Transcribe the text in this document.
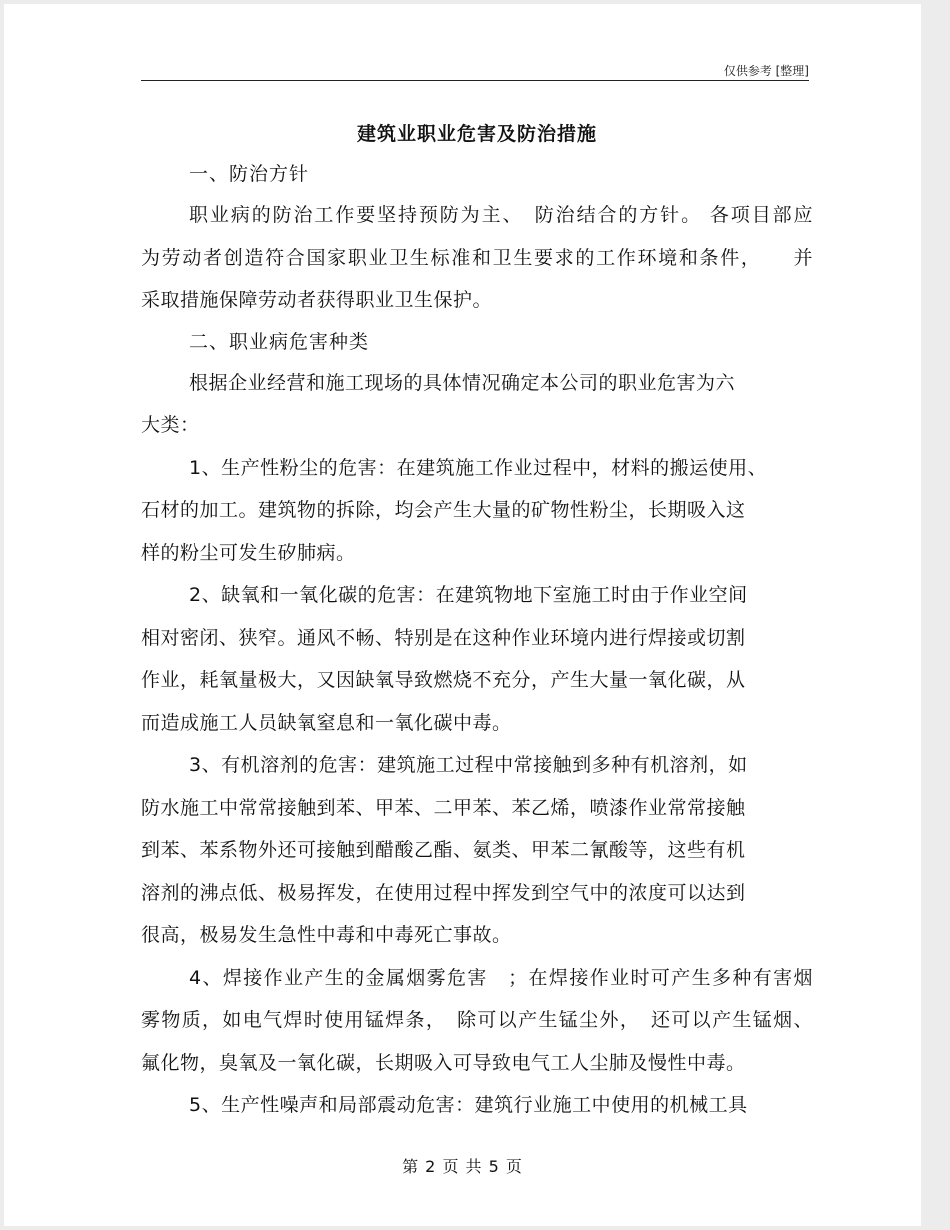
仅供参考 [整理]
建筑业职业危害及防治措施

一、防治方针

职业病的防治工作要坚持预防为主、　防治结合的方针。 各项目部应
为劳动者创造符合国家职业卫生标准和卫生要求的工作环境和条件，　　并
采取措施保障劳动者获得职业卫生保护。

二、职业病危害种类

根据企业经营和施工现场的具体情况确定本公司的职业危害为六
大类：
1、生产性粉尘的危害：在建筑施工作业过程中，材料的搬运使用、
石材的加工。建筑物的拆除，均会产生大量的矿物性粉尘，长期吸入这
样的粉尘可发生矽肺病。
2、缺氧和一氧化碳的危害：在建筑物地下室施工时由于作业空间
相对密闭、狭窄。通风不畅、特别是在这种作业环境内进行焊接或切割
作业，耗氧量极大，又因缺氧导致燃烧不充分，产生大量一氧化碳，从
而造成施工人员缺氧窒息和一氧化碳中毒。
3、有机溶剂的危害：建筑施工过程中常接触到多种有机溶剂，如
防水施工中常常接触到苯、甲苯、二甲苯、苯乙烯，喷漆作业常常接触
到苯、苯系物外还可接触到醋酸乙酯、氨类、甲苯二氰酸等，这些有机
溶剂的沸点低、极易挥发，在使用过程中挥发到空气中的浓度可以达到
很高，极易发生急性中毒和中毒死亡事故。
4、焊接作业产生的金属烟雾危害　；在焊接作业时可产生多种有害烟
雾物质，如电气焊时使用锰焊条，　除可以产生锰尘外，　还可以产生锰烟、
氟化物，臭氧及一氧化碳，长期吸入可导致电气工人尘肺及慢性中毒。
5、生产性噪声和局部震动危害：建筑行业施工中使用的机械工具
第 2 页 共 5 页
